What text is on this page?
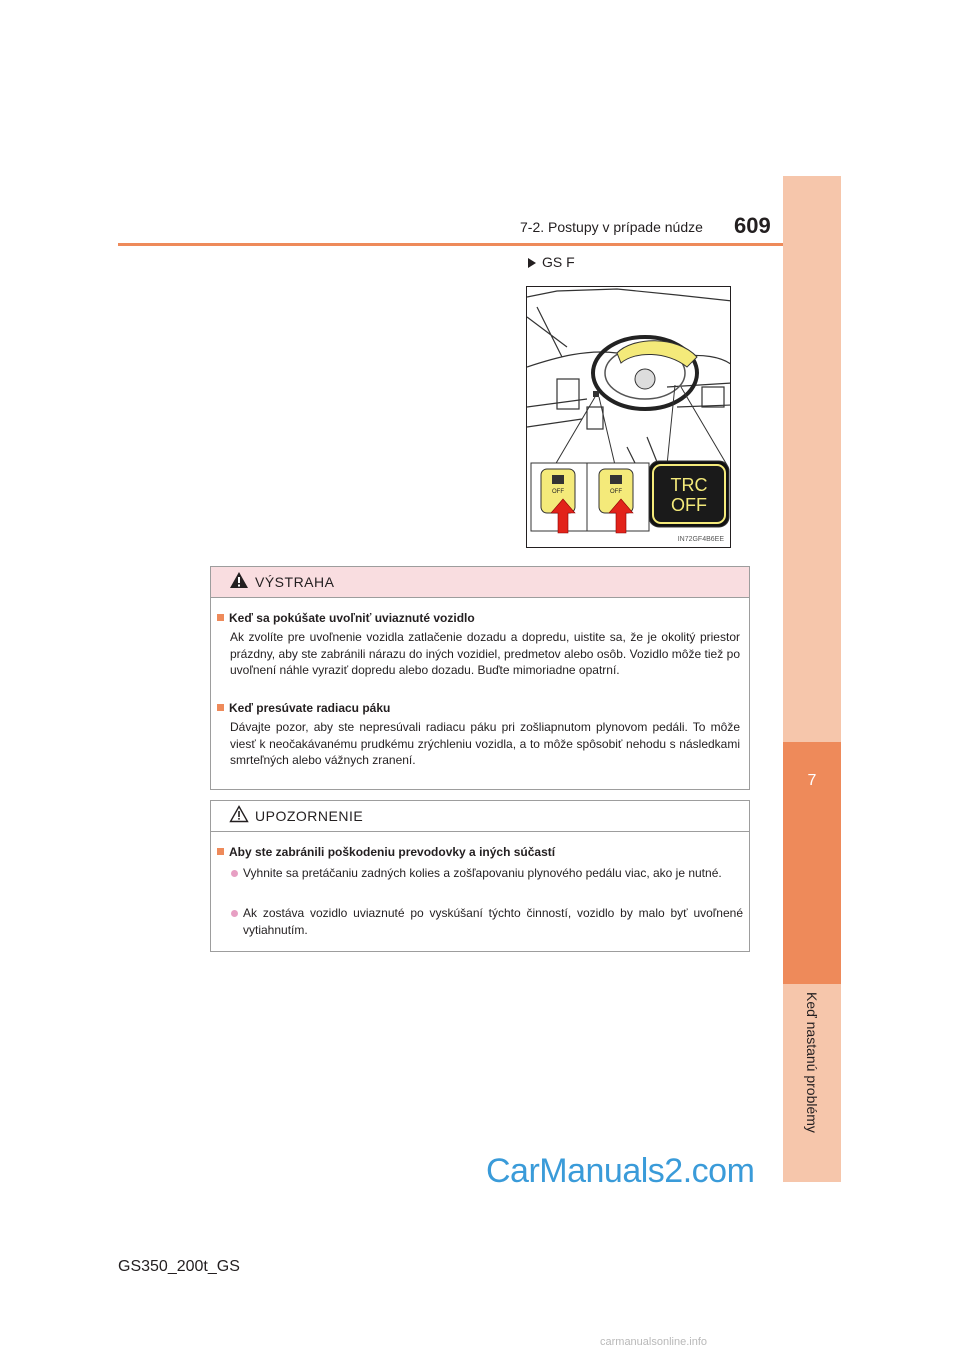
7
Keď nastanú problémy
7-2. Postupy v prípade núdze 609
GS F
OFF	OFF	TRC
OFF
IN72GF4B6EE
VÝSTRAHA
Keď sa pokúšate uvoľniť uviaznuté vozidlo
Ak zvolíte pre uvoľnenie vozidla zatlačenie dozadu a dopredu, uistite sa, že je okolitý priestor prázdny, aby ste zabránili nárazu do iných vozidiel, predmetov alebo osôb. Vozidlo môže tiež po uvoľnení náhle vyraziť dopredu alebo dozadu. Buďte mimoriadne opatrní.
Keď presúvate radiacu páku
Dávajte pozor, aby ste nepresúvali radiacu páku pri zošliapnutom plynovom pedáli. To môže viesť k neočakávanému prudkému zrýchleniu vozidla, a to môže spôsobiť nehodu s následkami smrteľných alebo vážnych zranení.
UPOZORNENIE
Aby ste zabránili poškodeniu prevodovky a iných súčastí
Vyhnite sa pretáčaniu zadných kolies a zošľapovaniu plynového pedálu viac, ako je nutné.
Ak zostáva vozidlo uviaznuté po vyskúšaní týchto činností, vozidlo by malo byť uvoľnené vytiahnutím.
CarManuals2.com
GS350_200t_GS
carmanualsonline.info
